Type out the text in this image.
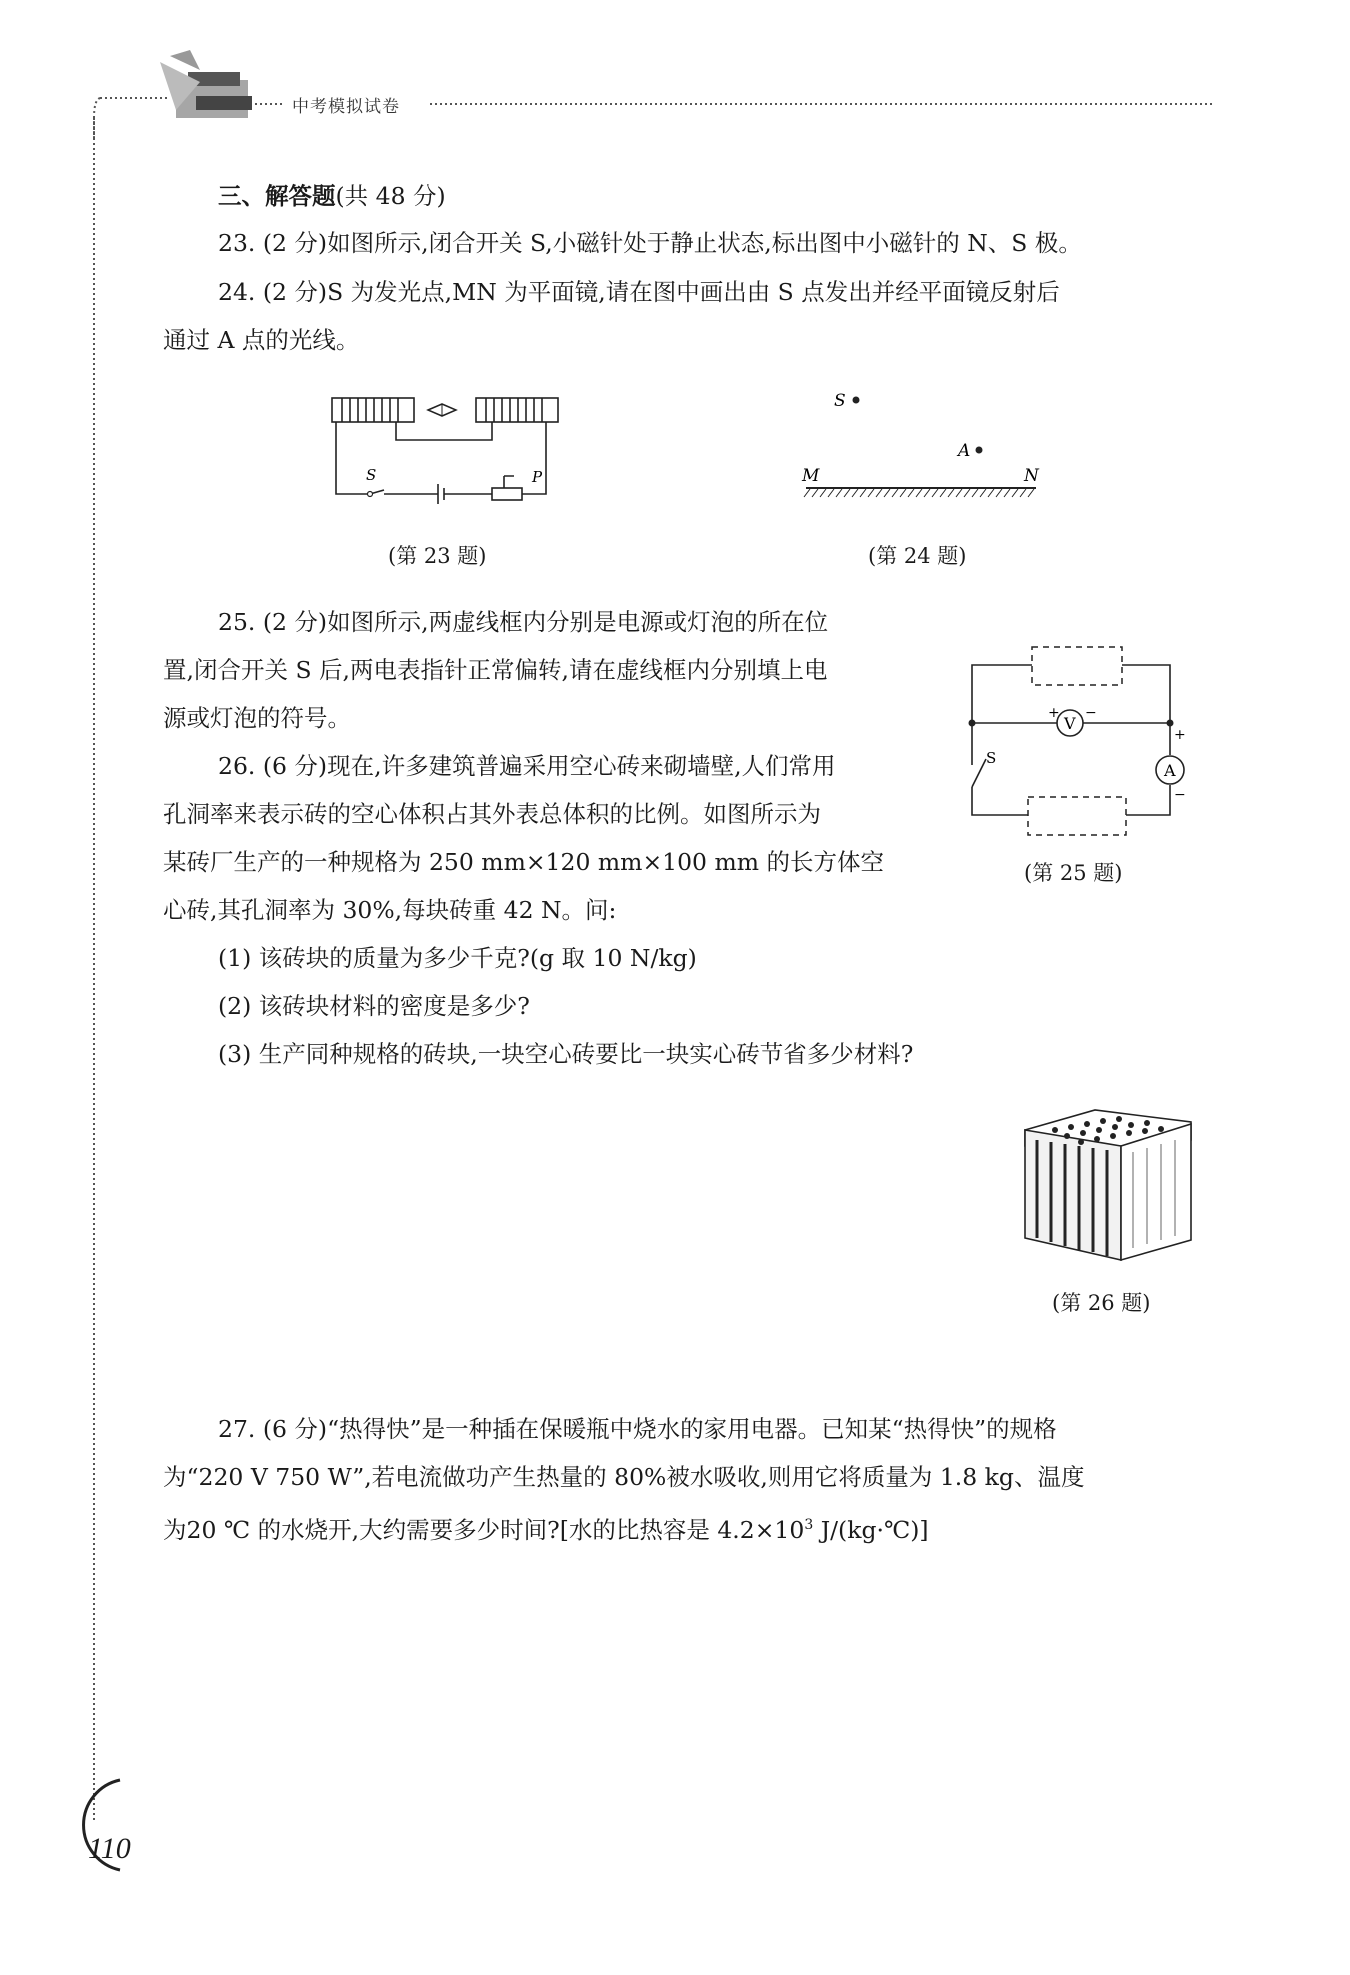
中考模拟试卷
三、解答题(共 48 分)
23. (2 分)如图所示,闭合开关 S,小磁针处于静止状态,标出图中小磁针的 N、S 极。
24. (2 分)S 为发光点,MN 为平面镜,请在图中画出由 S 点发出并经平面镜反射后
通过 A 点的光线。
S	P
(第 23 题)
S
A
M	N
(第 24 题)
25. (2 分)如图所示,两虚线框内分别是电源或灯泡的所在位
置,闭合开关 S 后,两电表指针正常偏转,请在虚线框内分别填上电
源或灯泡的符号。	V
+ −
A
+
−
S
(第 25 题)
26. (6 分)现在,许多建筑普遍采用空心砖来砌墙壁,人们常用
孔洞率来表示砖的空心体积占其外表总体积的比例。如图所示为
某砖厂生产的一种规格为 250 mm×120 mm×100 mm 的长方体空
心砖,其孔洞率为 30%,每块砖重 42 N。问:
(1) 该砖块的质量为多少千克?(g 取 10 N/kg)
(2) 该砖块材料的密度是多少?
(3) 生产同种规格的砖块,一块空心砖要比一块实心砖节省多少材料?
(第 26 题)
27. (6 分)“热得快”是一种插在保暖瓶中烧水的家用电器。已知某“热得快”的规格
为“220 V 750 W”,若电流做功产生热量的 80%被水吸收,则用它将质量为 1.8 kg、温度
为20 ℃ 的水烧开,大约需要多少时间?[水的比热容是 $4.2\times 10^3$ J/(kg·℃)]
110
